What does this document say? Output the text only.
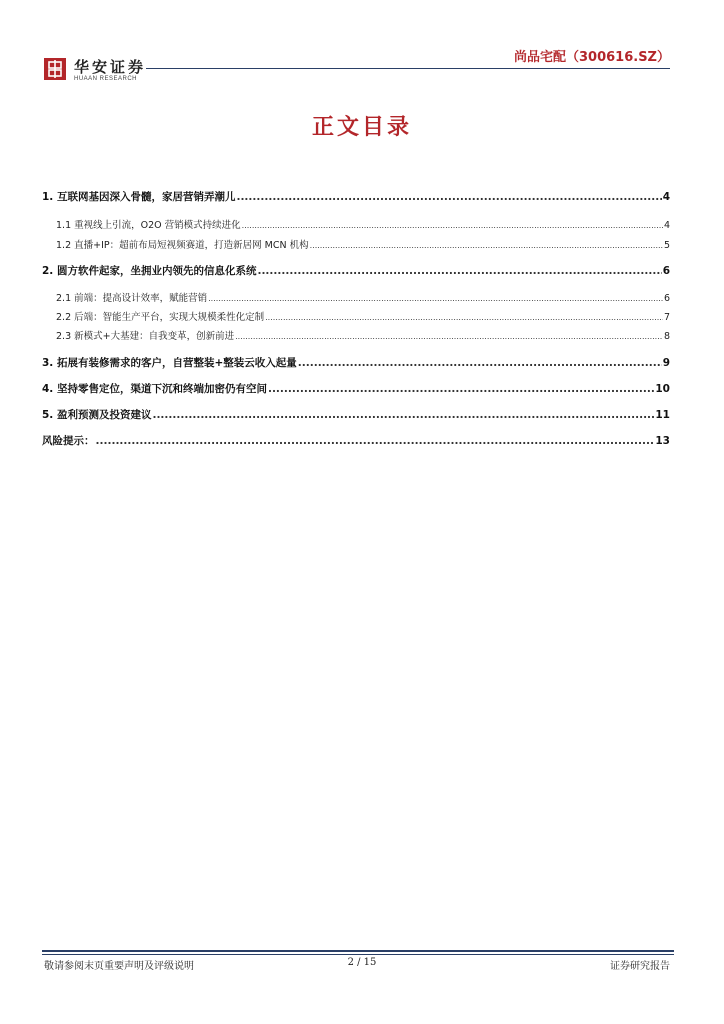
华安证券
HUAAN RESEARCH
尚品宅配（300616.SZ）
正文目录
1. 互联网基因深入骨髓，家居营销弄潮儿 .....	4
1.1 重视线上引流，O2O 营销模式持续进化 .....	4
1.2 直播+IP：超前布局短视频赛道，打造新居网 MCN 机构 .....	5
2. 圆方软件起家，坐拥业内领先的信息化系统 .....	6
2.1 前端：提高设计效率，赋能营销 .....	6
2.2 后端：智能生产平台，实现大规模柔性化定制 .....	7
2.3 新模式+大基建：自我变革，创新前进 .....	8
3. 拓展有装修需求的客户，自营整装+整装云收入起量 .....	9
4. 坚持零售定位，渠道下沉和终端加密仍有空间 .....	10
5. 盈利预测及投资建议 .....	11
风险提示： .....	13
敬请参阅末页重要声明及评级说明	2 / 15	证券研究报告
